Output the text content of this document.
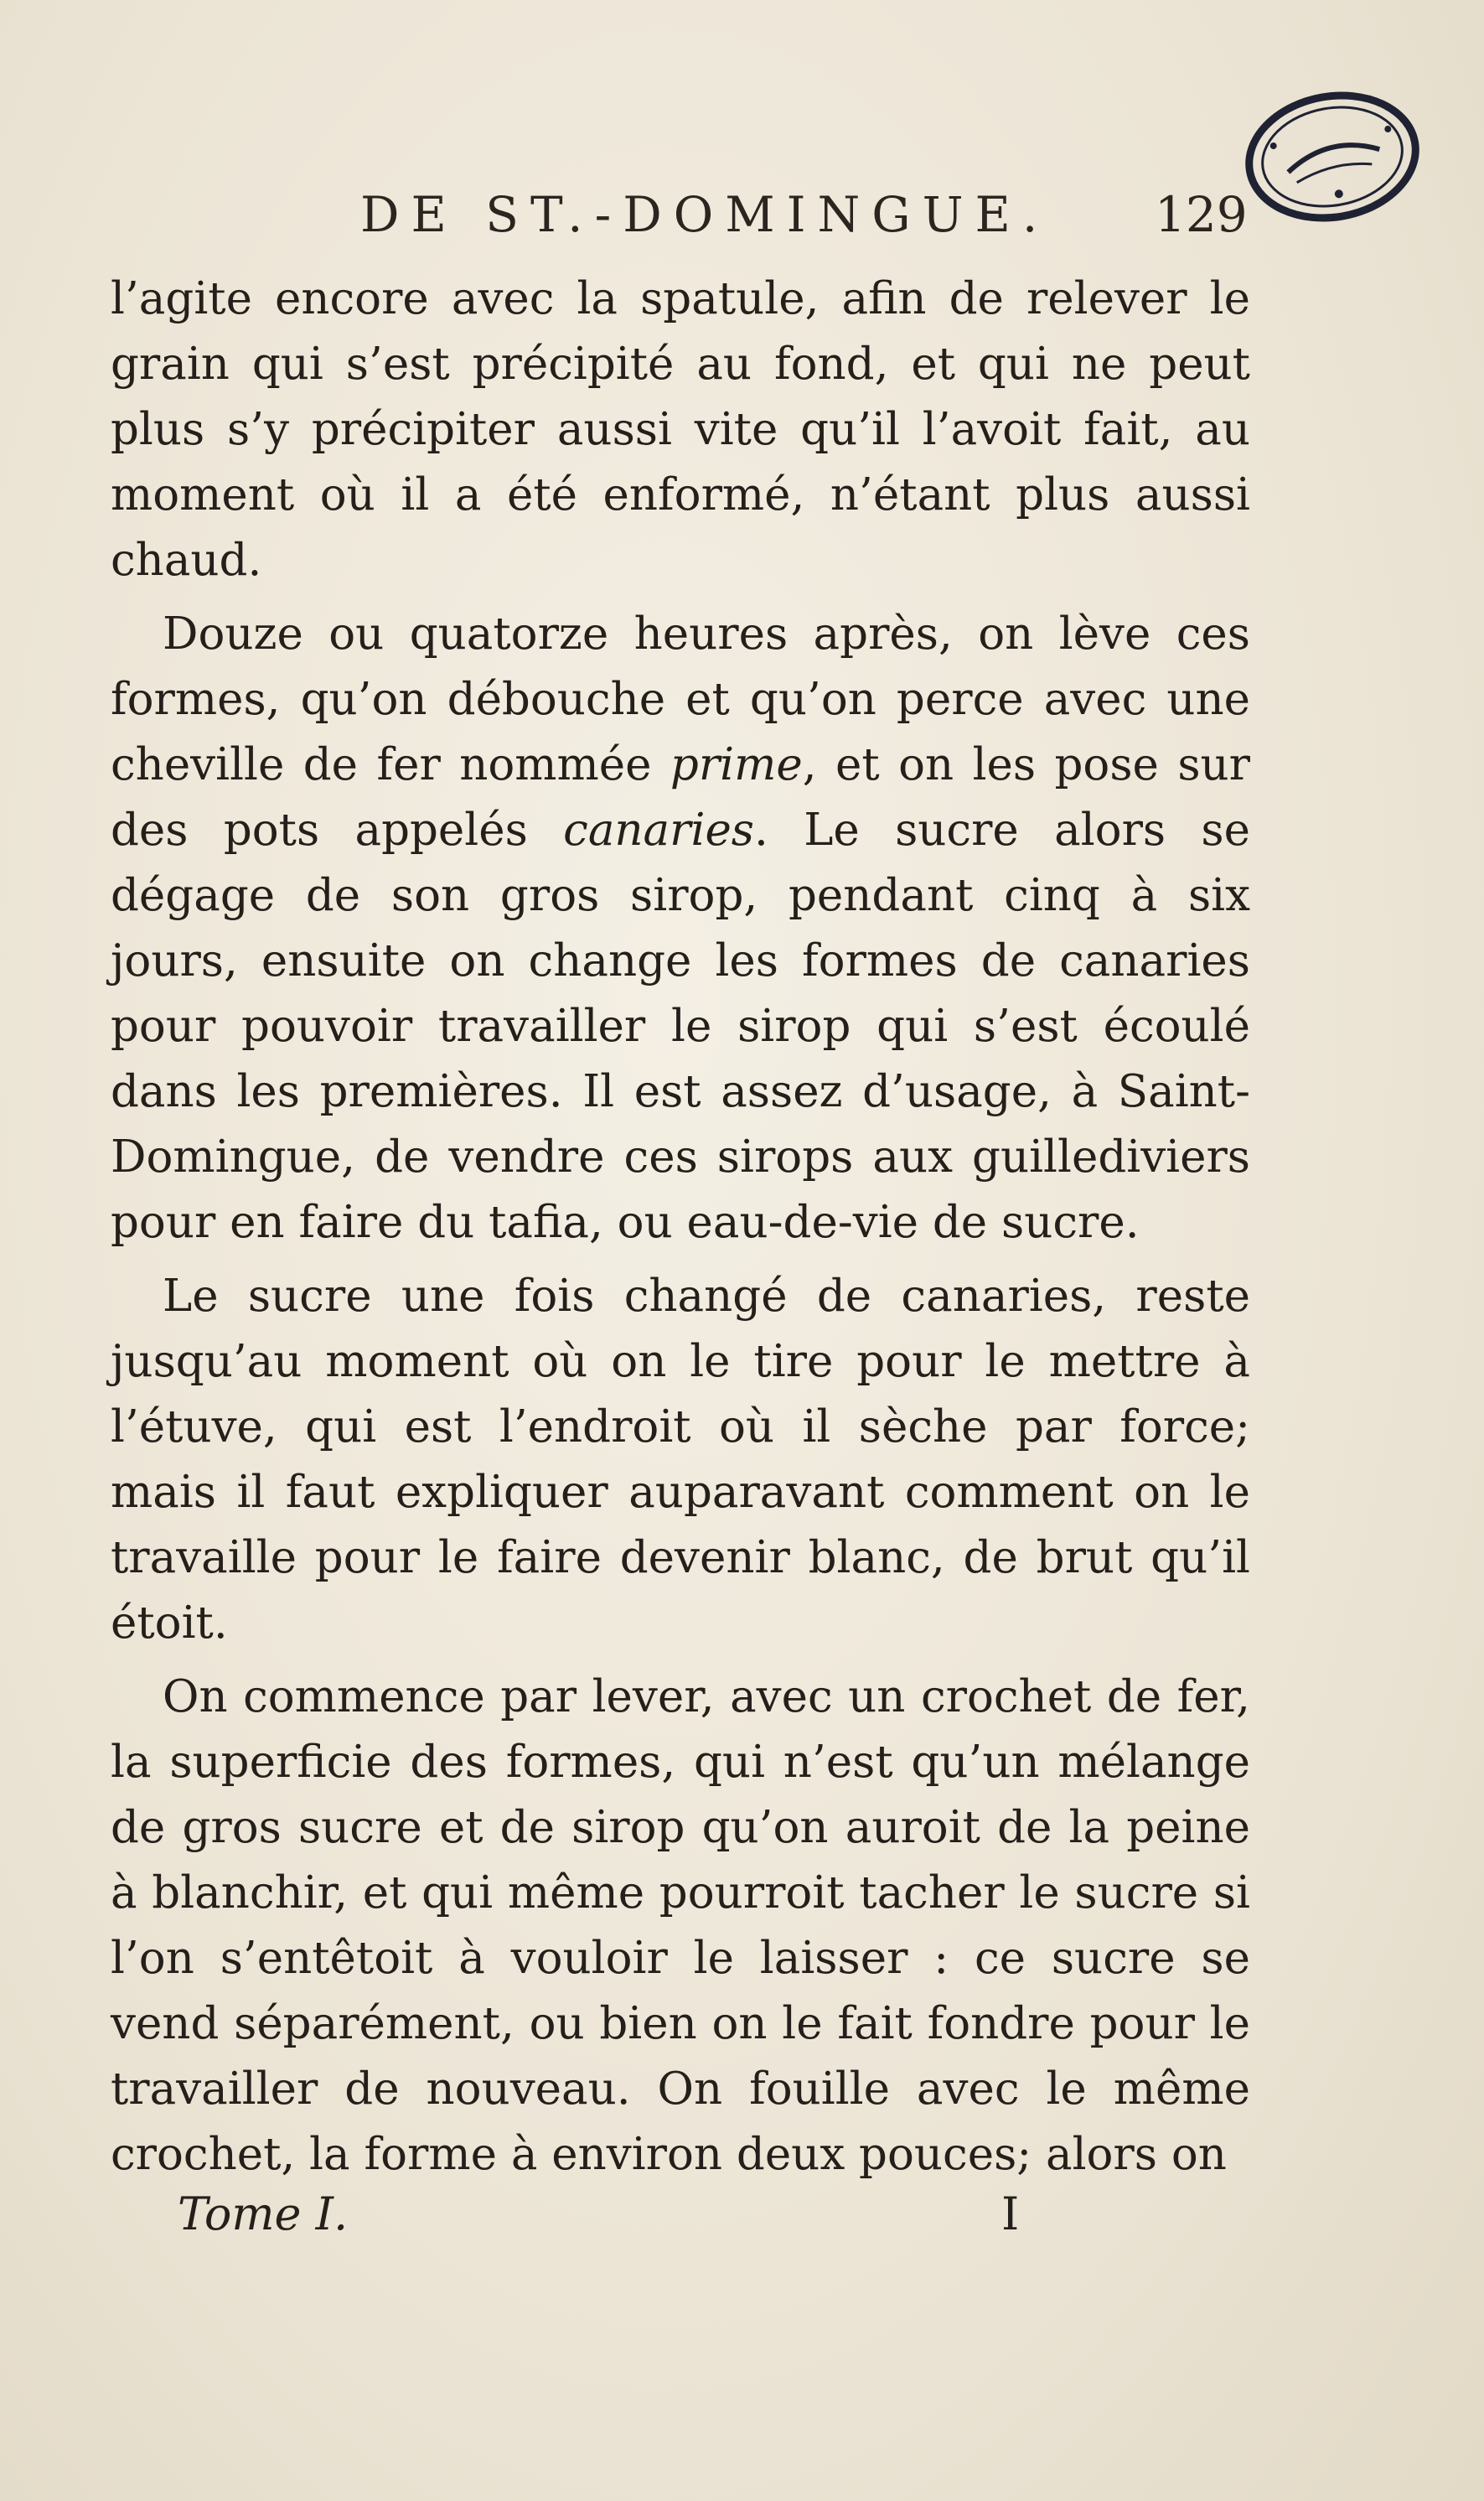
DE ST.-DOMINGUE. 129

l’agite encore avec la spatule, afin de relever le grain qui s’est précipité au fond, et qui ne peut plus s’y précipiter aussi vite qu’il l’avoit fait, au moment où il a été enformé, n’étant plus aussi chaud.

Douze ou quatorze heures après, on lève ces formes, qu’on débouche et qu’on perce avec une cheville de fer nommée prime, et on les pose sur des pots appelés canaries. Le sucre alors se dégage de son gros sirop, pendant cinq à six jours, ensuite on change les formes de canaries pour pouvoir travailler le sirop qui s’est écoulé dans les premières. Il est assez d’usage, à Saint-Domingue, de vendre ces sirops aux guillediviers pour en faire du tafia, ou eau-de-vie de sucre.

Le sucre une fois changé de canaries, reste jusqu’au moment où on le tire pour le mettre à l’étuve, qui est l’endroit où il sèche par force; mais il faut expliquer auparavant comment on le travaille pour le faire devenir blanc, de brut qu’il étoit.

On commence par lever, avec un crochet de fer, la superficie des formes, qui n’est qu’un mélange de gros sucre et de sirop qu’on auroit de la peine à blanchir, et qui même pourroit tacher le sucre si l’on s’entêtoit à vouloir le laisser : ce sucre se vend séparément, ou bien on le fait fondre pour le travailler de nouveau. On fouille avec le même crochet, la forme à environ deux pouces; alors on

Tome I.	I
